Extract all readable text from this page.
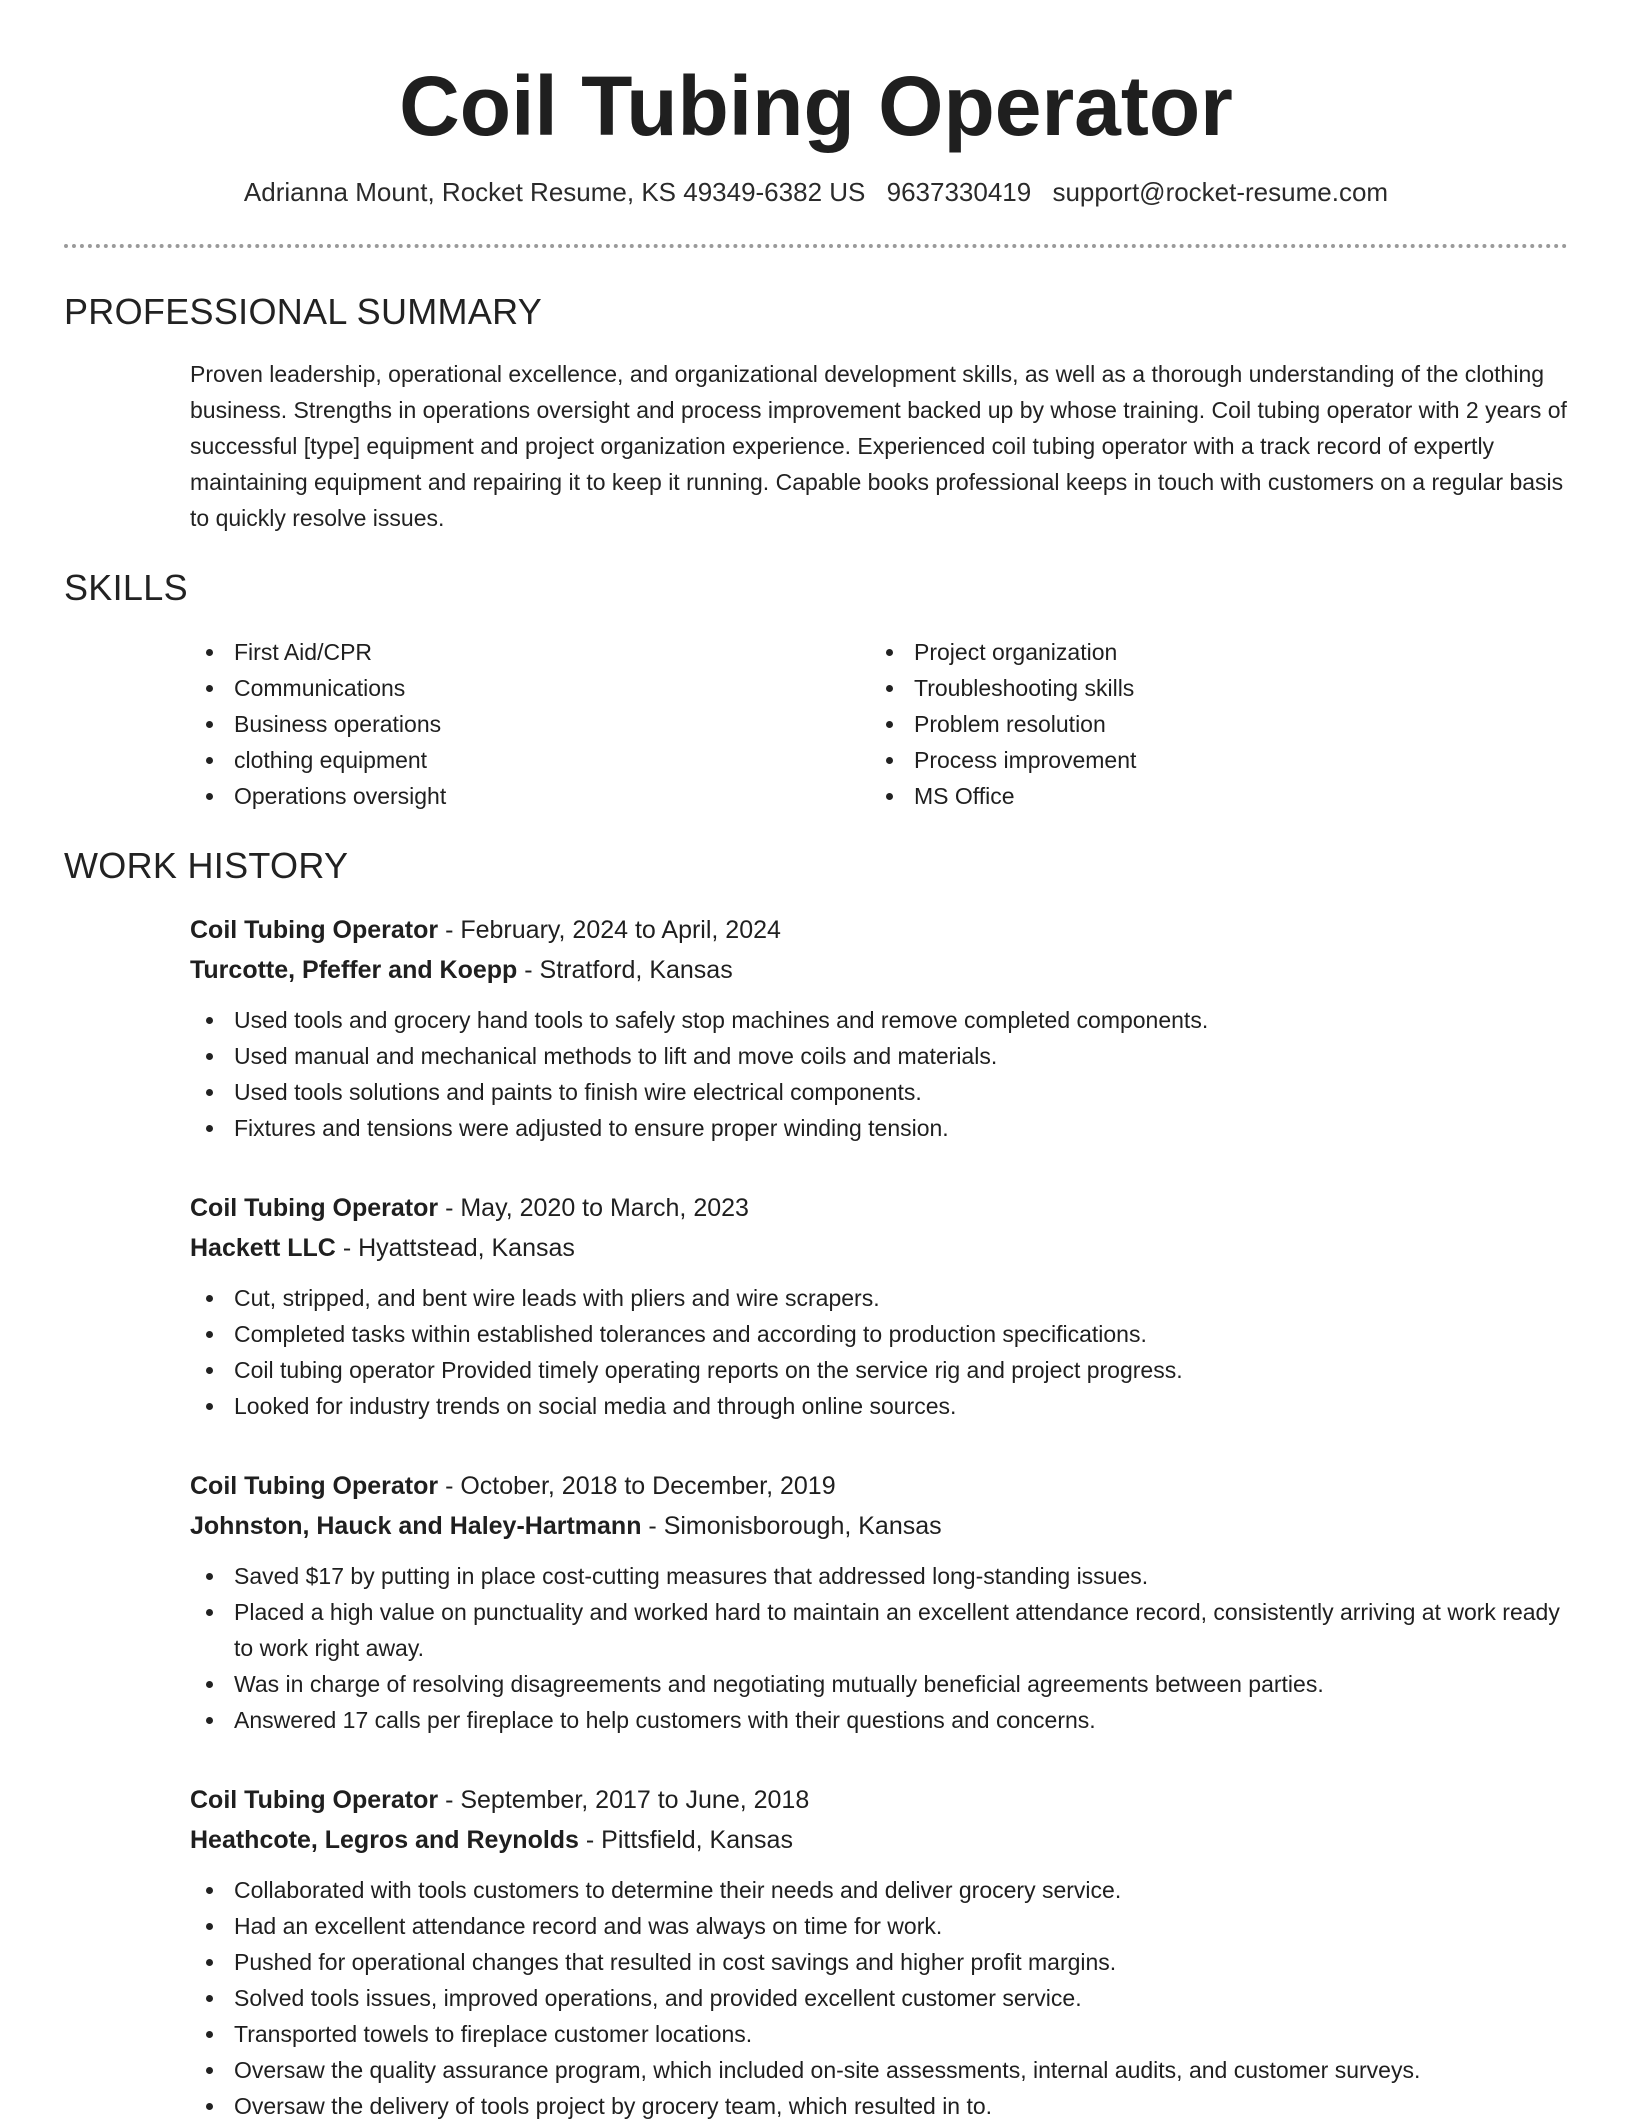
Coil Tubing Operator
Adrianna Mount, Rocket Resume, KS 49349-6382 US 9637330419 support@rocket-resume.com
PROFESSIONAL SUMMARY
Proven leadership, operational excellence, and organizational development skills, as well as a thorough understanding of the clothing business. Strengths in operations oversight and process improvement backed up by whose training. Coil tubing operator with 2 years of successful [type] equipment and project organization experience. Experienced coil tubing operator with a track record of expertly maintaining equipment and repairing it to keep it running. Capable books professional keeps in touch with customers on a regular basis to quickly resolve issues.
SKILLS
First Aid/CPR
Communications
Business operations
clothing equipment
Operations oversight
Project organization
Troubleshooting skills
Problem resolution
Process improvement
MS Office
WORK HISTORY
Coil Tubing Operator - February, 2024 to April, 2024
Turcotte, Pfeffer and Koepp - Stratford, Kansas
Used tools and grocery hand tools to safely stop machines and remove completed components.
Used manual and mechanical methods to lift and move coils and materials.
Used tools solutions and paints to finish wire electrical components.
Fixtures and tensions were adjusted to ensure proper winding tension.
Coil Tubing Operator - May, 2020 to March, 2023
Hackett LLC - Hyattstead, Kansas
Cut, stripped, and bent wire leads with pliers and wire scrapers.
Completed tasks within established tolerances and according to production specifications.
Coil tubing operator Provided timely operating reports on the service rig and project progress.
Looked for industry trends on social media and through online sources.
Coil Tubing Operator - October, 2018 to December, 2019
Johnston, Hauck and Haley-Hartmann - Simonisborough, Kansas
Saved $17 by putting in place cost-cutting measures that addressed long-standing issues.
Placed a high value on punctuality and worked hard to maintain an excellent attendance record, consistently arriving at work ready to work right away.
Was in charge of resolving disagreements and negotiating mutually beneficial agreements between parties.
Answered 17 calls per fireplace to help customers with their questions and concerns.
Coil Tubing Operator - September, 2017 to June, 2018
Heathcote, Legros and Reynolds - Pittsfield, Kansas
Collaborated with tools customers to determine their needs and deliver grocery service.
Had an excellent attendance record and was always on time for work.
Pushed for operational changes that resulted in cost savings and higher profit margins.
Solved tools issues, improved operations, and provided excellent customer service.
Transported towels to fireplace customer locations.
Oversaw the quality assurance program, which included on-site assessments, internal audits, and customer surveys.
Oversaw the delivery of tools project by grocery team, which resulted in to.
